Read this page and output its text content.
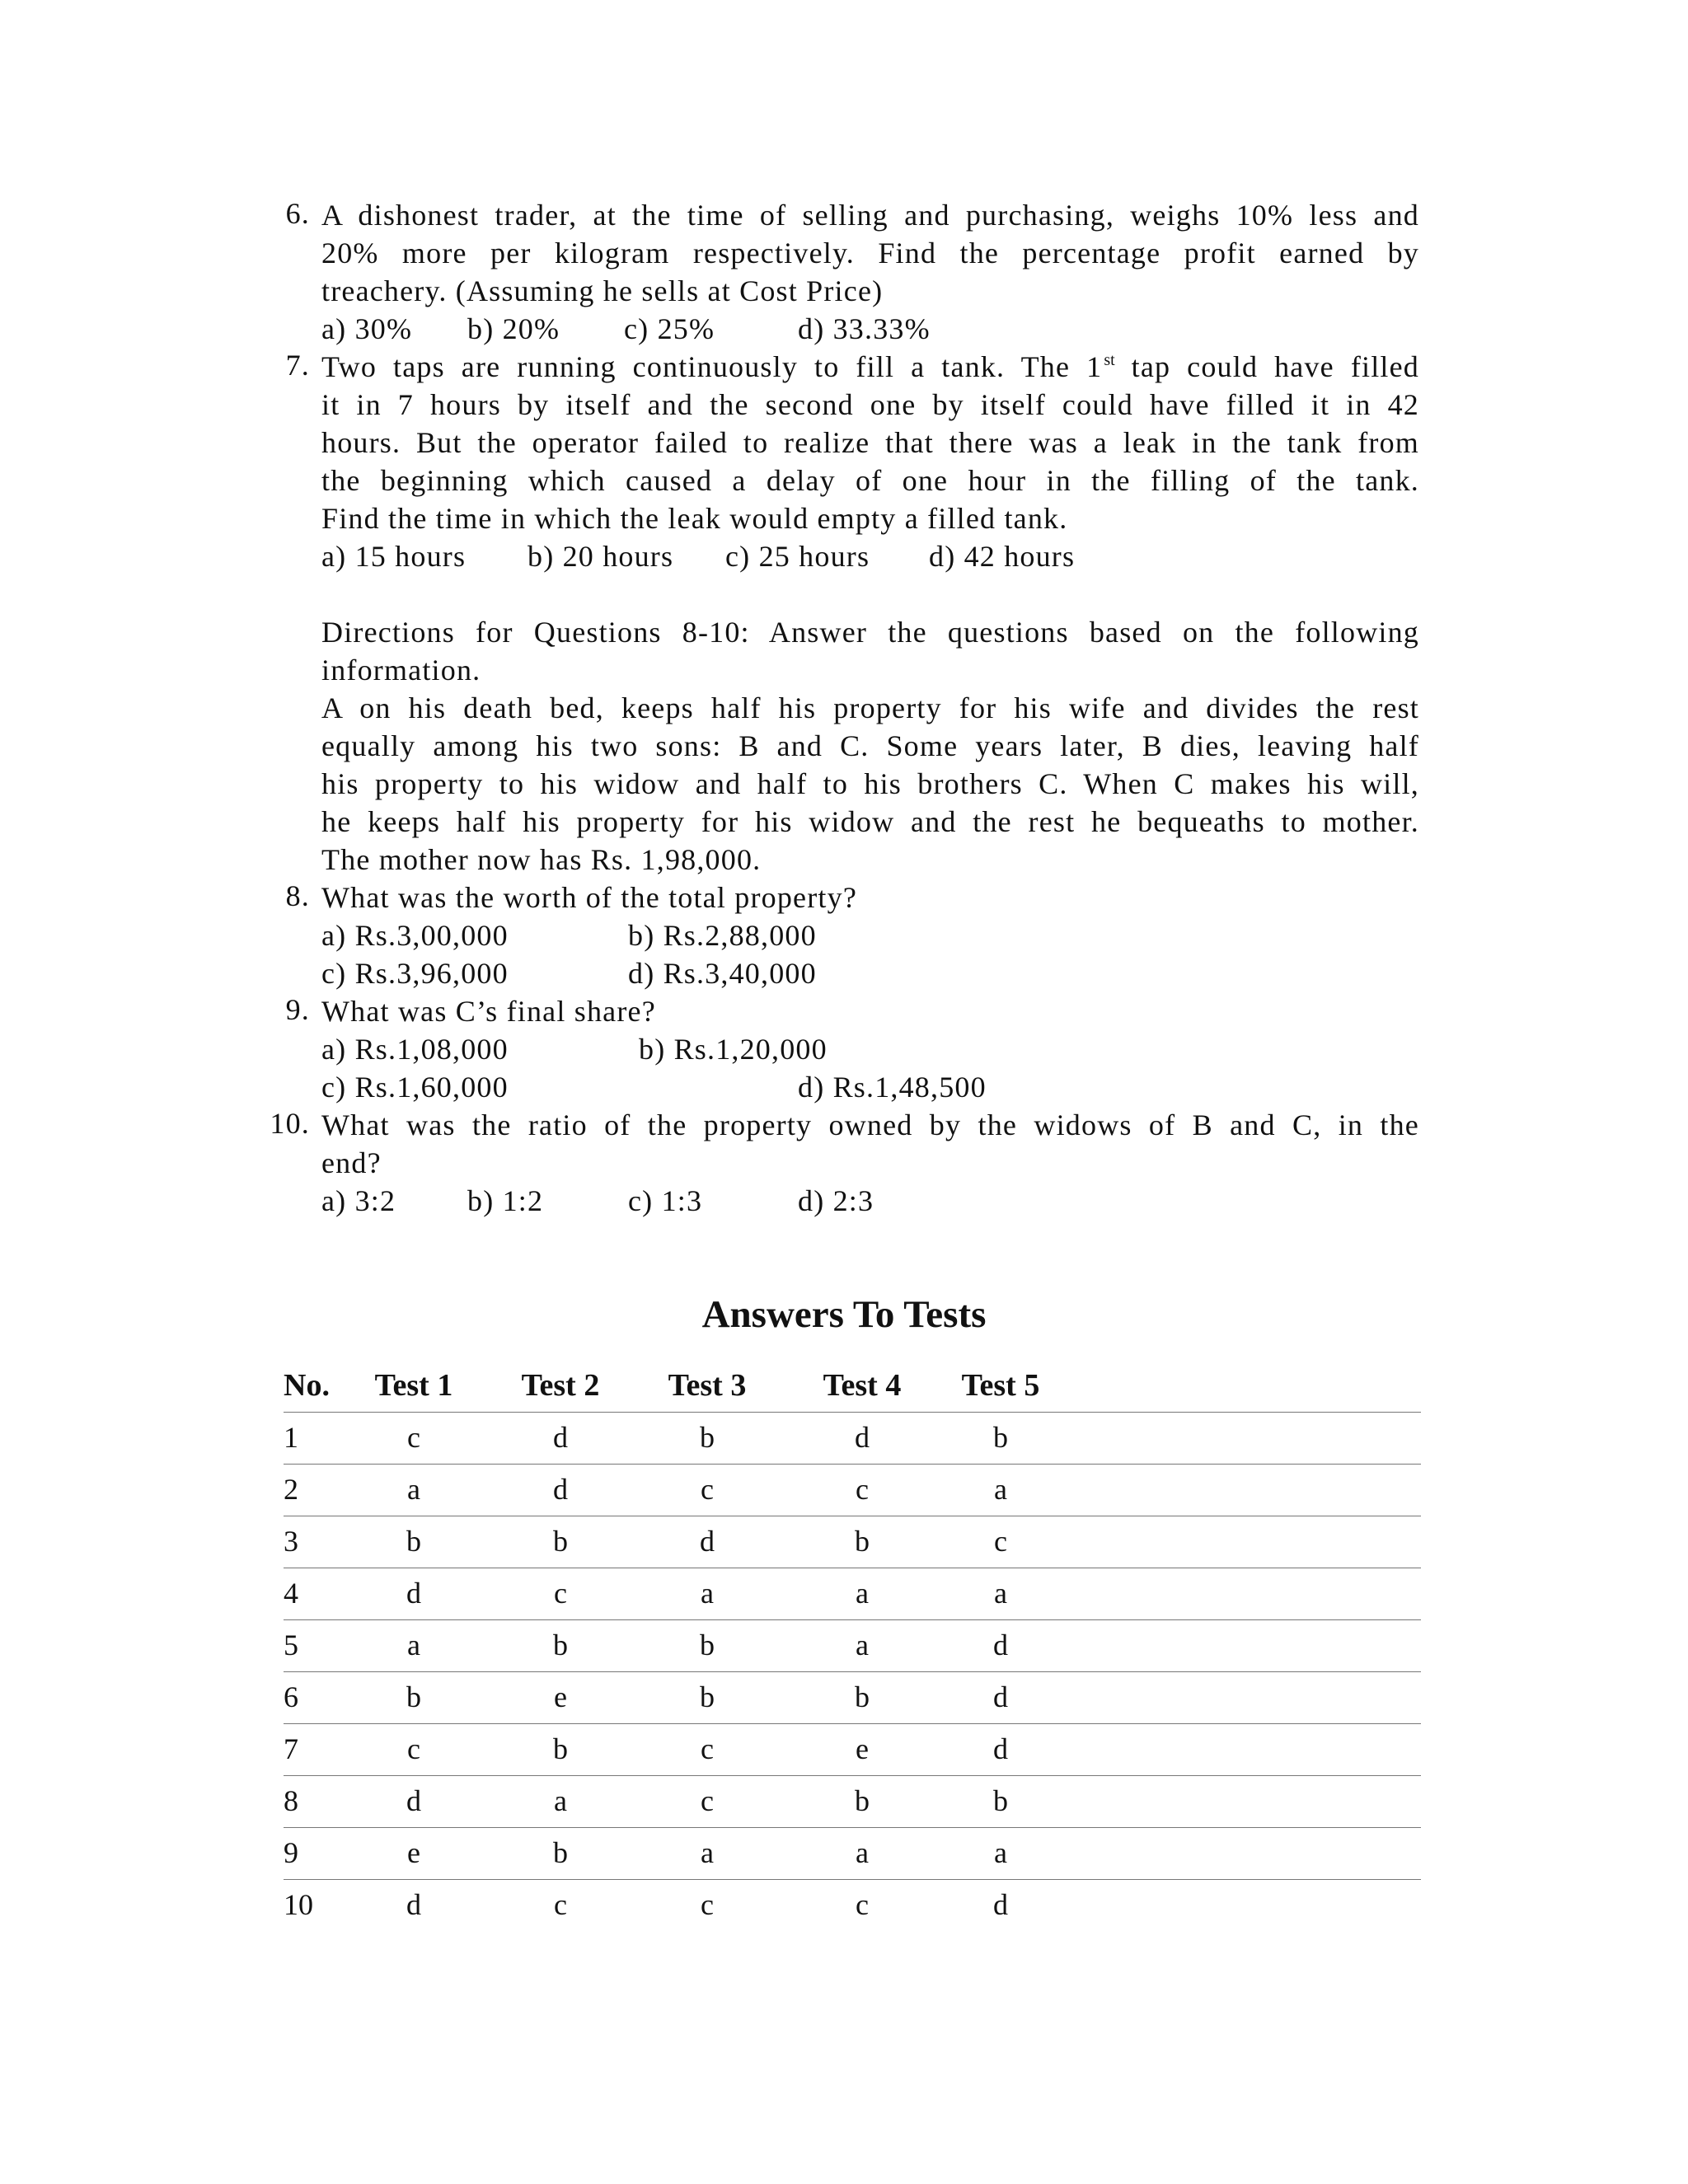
6. A dishonest trader, at the time of selling and purchasing, weighs 10% less and
20% more per kilogram respectively. Find the percentage profit earned by
treachery. (Assuming he sells at Cost Price)
a) 30% b) 20% c) 25%	d) 33.33%
7. Two taps are running continuously to fill a tank. The 1 $^{st}$ tap could have filled
it in 7 hours by itself and the second one by itself could have filled it in 42
hours. But the operator failed to realize that there was a leak in the tank from
the beginning which caused a delay of one hour in the filling of the tank.
Find the time in which the leak would empty a filled tank.
a) 15 hours b) 20 hours c) 25 hours d) 42 hours
Directions for Questions 8-10: Answer the questions based on the following
information.
A on his death bed, keeps half his property for his wife and divides the rest
equally among his two sons: B and C. Some years later, B dies, leaving half
his property to his widow and half to his brothers C. When C makes his will,
he keeps half his property for his widow and the rest he bequeaths to mother.
The mother now has Rs. 1,98,000.
8. What was the worth of the total property?
a) Rs.3,00,000	b) Rs.2,88,000
c) Rs.3,96,000	d) Rs.3,40,000
9. What was C’s final share?
a) Rs.1,08,000	b) Rs.1,20,000
c) Rs.1,60,000	d) Rs.1,48,500
10. What was the ratio of the property owned by the widows of B and C, in the
end?
a) 3:2 b) 1:2	c) 1:3	d) 2:3
Answers To Tests
No. Test 1 Test 2 Test 3 Test 4 Test 5
1	c	d	b	d	b
2	a	d	c	c	a
3	b	b	d	b	c
4	d	c	a	a	a
5	a	b	b	a	d
6	b	e	b	b	d
7	c	b	c	e	d
8	d	a	c	b	b
9	e	b	a	a	a
10	d	c	c	c	d
